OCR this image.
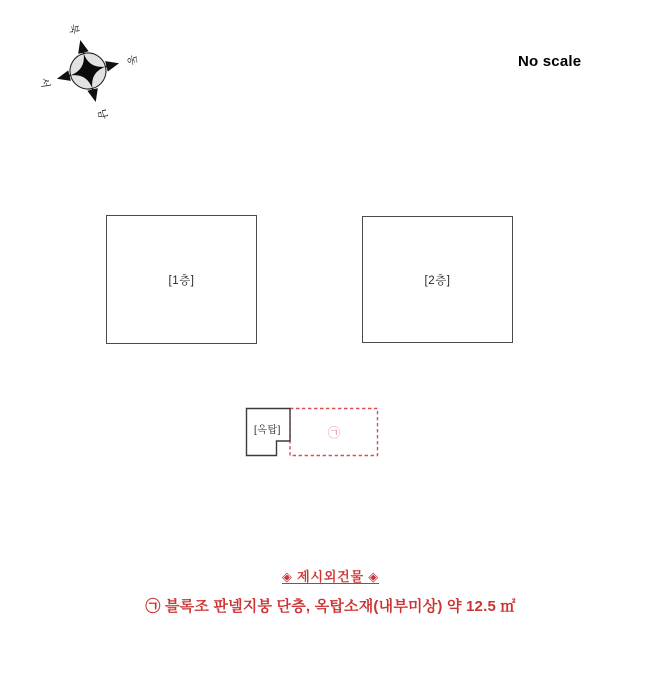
북
동
남
서
No scale
[1층]	[2층]
[옥탑]	㉠
◈ 제시외건물 ◈
㉠ 블록조 판넬지붕 단층, 옥탑소재(내부미상) 약 12.5 ㎡
